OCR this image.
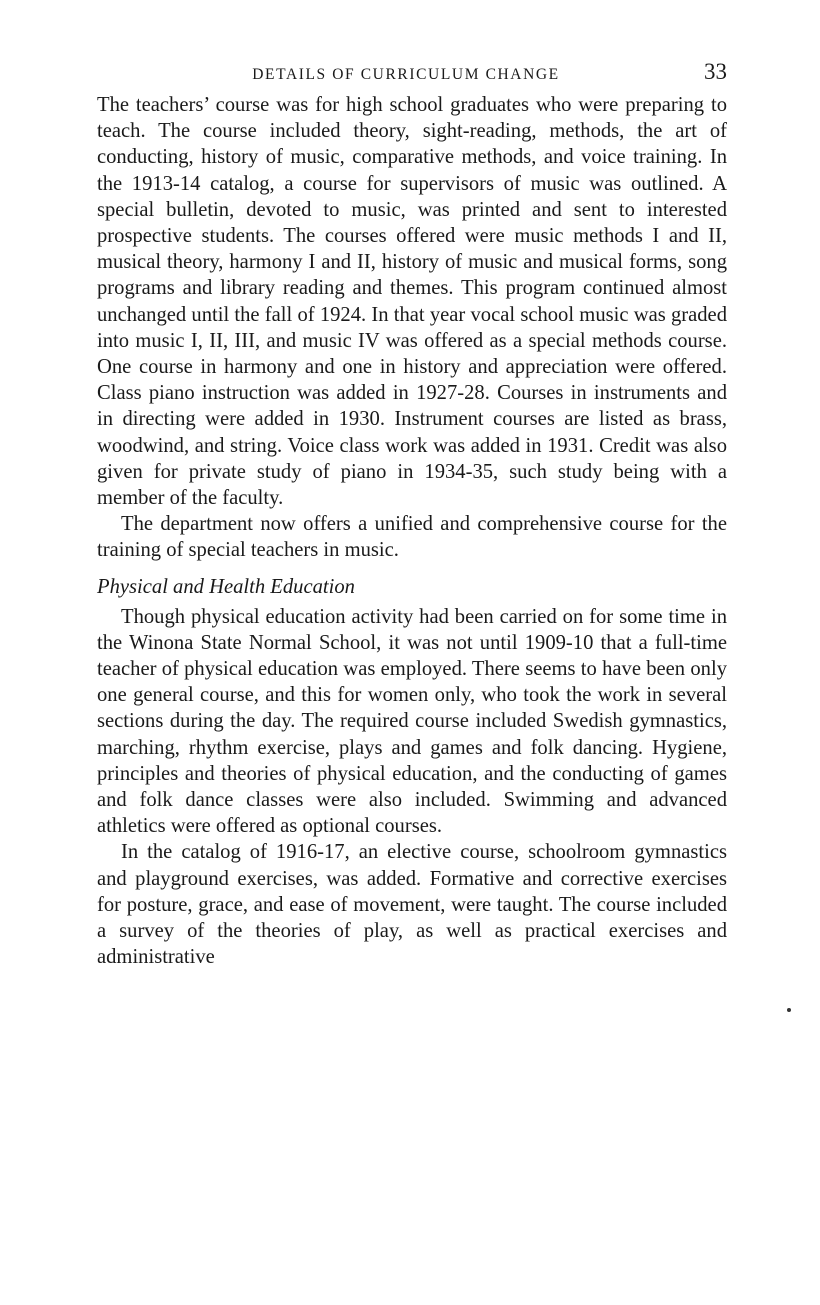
DETAILS OF CURRICULUM CHANGE	33

The teachers’ course was for high school graduates who were preparing to teach. The course included theory, sight-reading, methods, the art of conducting, history of music, comparative methods, and voice training. In the 1913-14 catalog, a course for supervisors of music was outlined. A special bulletin, devoted to music, was printed and sent to interested prospective students. The courses offered were music methods I and II, musical theory, harmony I and II, history of music and musical forms, song programs and library reading and themes. This program continued almost unchanged until the fall of 1924. In that year vocal school music was graded into music I, II, III, and music IV was offered as a special methods course. One course in harmony and one in history and appreciation were offered. Class piano instruction was added in 1927-28. Courses in instruments and in directing were added in 1930. Instrument courses are listed as brass, woodwind, and string. Voice class work was added in 1931. Credit was also given for private study of piano in 1934-35, such study being with a member of the faculty.

The department now offers a unified and comprehensive course for the training of special teachers in music.

Physical and Health Education

Though physical education activity had been carried on for some time in the Winona State Normal School, it was not until 1909-10 that a full-time teacher of physical education was employed. There seems to have been only one general course, and this for women only, who took the work in several sections during the day. The required course included Swedish gymnastics, marching, rhythm exercise, plays and games and folk dancing. Hygiene, principles and theories of physical education, and the conducting of games and folk dance classes were also included. Swimming and advanced athletics were offered as optional courses.

In the catalog of 1916-17, an elective course, schoolroom gymnastics and playground exercises, was added. Formative and corrective exercises for posture, grace, and ease of movement, were taught. The course included a survey of the theories of play, as well as practical exercises and administrative
